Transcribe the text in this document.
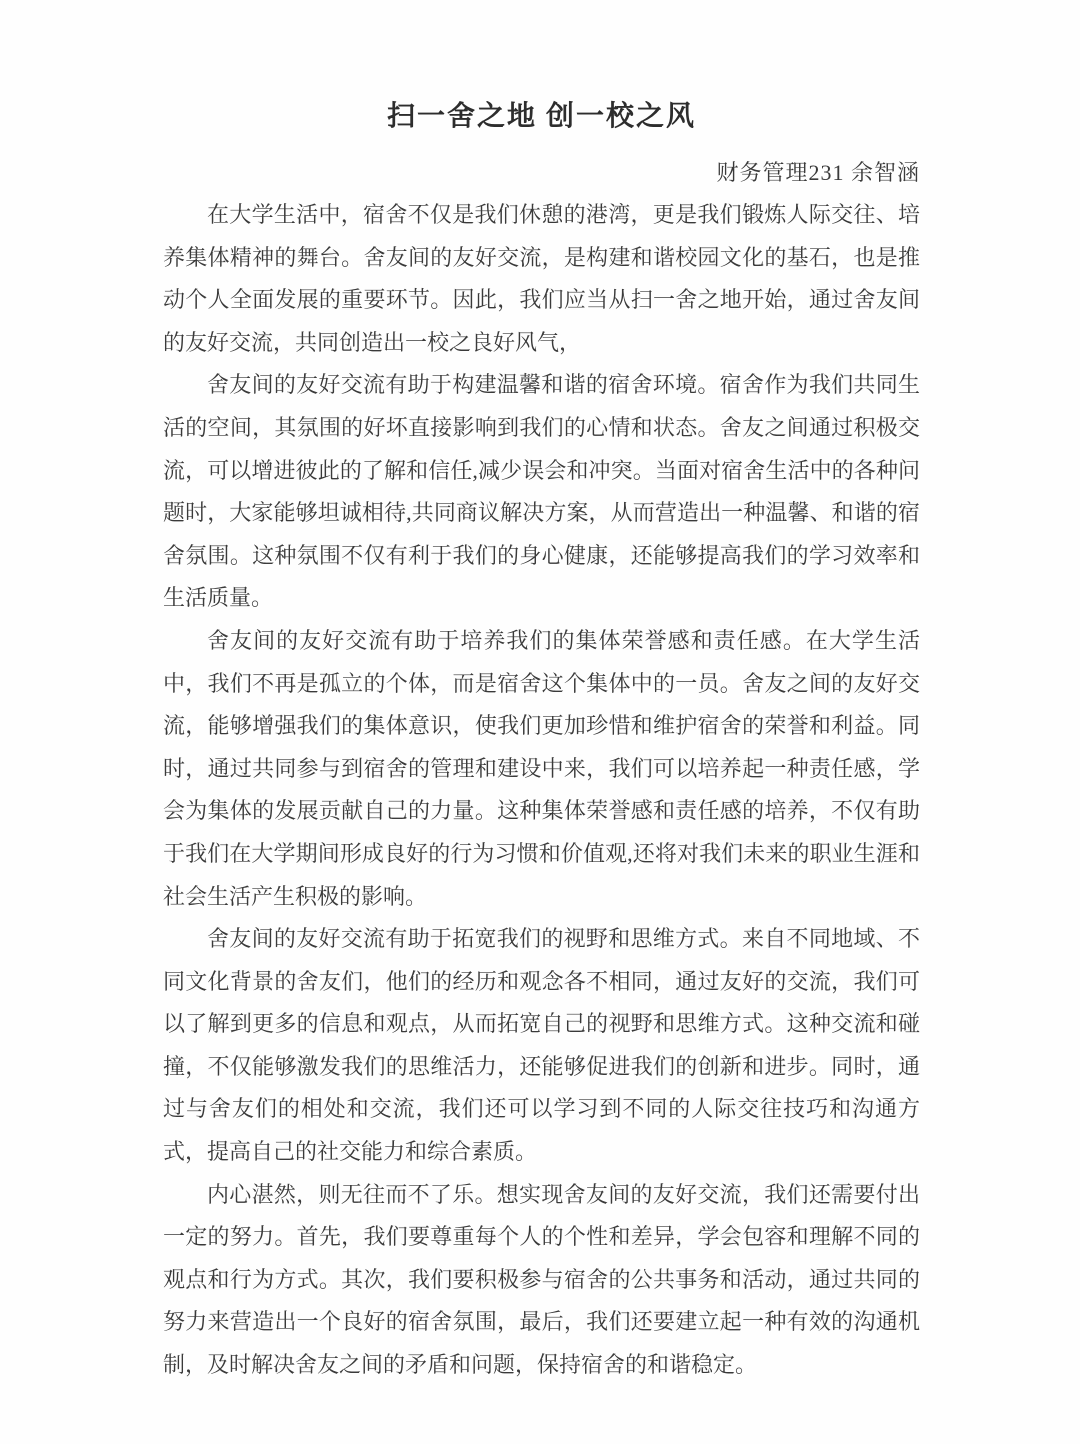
扫一舍之地 创一校之风
财务管理231 余智涵

在大学生活中，宿舍不仅是我们休憩的港湾，更是我们锻炼人际交往、培养集体精神的舞台。舍友间的友好交流，是构建和谐校园文化的基石，也是推动个人全面发展的重要环节。因此，我们应当从扫一舍之地开始，通过舍友间的友好交流，共同创造出一校之良好风气，

舍友间的友好交流有助于构建温馨和谐的宿舍环境。宿舍作为我们共同生活的空间，其氛围的好坏直接影响到我们的心情和状态。舍友之间通过积极交流，可以增进彼此的了解和信任,减少误会和冲突。当面对宿舍生活中的各种问题时，大家能够坦诚相待,共同商议解决方案，从而营造出一种温馨、和谐的宿舍氛围。这种氛围不仅有利于我们的身心健康，还能够提高我们的学习效率和生活质量。

舍友间的友好交流有助于培养我们的集体荣誉感和责任感。在大学生活中，我们不再是孤立的个体，而是宿舍这个集体中的一员。舍友之间的友好交流，能够增强我们的集体意识，使我们更加珍惜和维护宿舍的荣誉和利益。同时，通过共同参与到宿舍的管理和建设中来，我们可以培养起一种责任感，学会为集体的发展贡献自己的力量。这种集体荣誉感和责任感的培养，不仅有助于我们在大学期间形成良好的行为习惯和价值观,还将对我们未来的职业生涯和社会生活产生积极的影响。

舍友间的友好交流有助于拓宽我们的视野和思维方式。来自不同地域、不同文化背景的舍友们，他们的经历和观念各不相同，通过友好的交流，我们可以了解到更多的信息和观点，从而拓宽自己的视野和思维方式。这种交流和碰撞，不仅能够激发我们的思维活力，还能够促进我们的创新和进步。同时，通过与舍友们的相处和交流，我们还可以学习到不同的人际交往技巧和沟通方式，提高自己的社交能力和综合素质。

内心湛然，则无往而不了乐。想实现舍友间的友好交流，我们还需要付出一定的努力。首先，我们要尊重每个人的个性和差异，学会包容和理解不同的观点和行为方式。其次，我们要积极参与宿舍的公共事务和活动，通过共同的努力来营造出一个良好的宿舍氛围，最后，我们还要建立起一种有效的沟通机制，及时解决舍友之间的矛盾和问题，保持宿舍的和谐稳定。
